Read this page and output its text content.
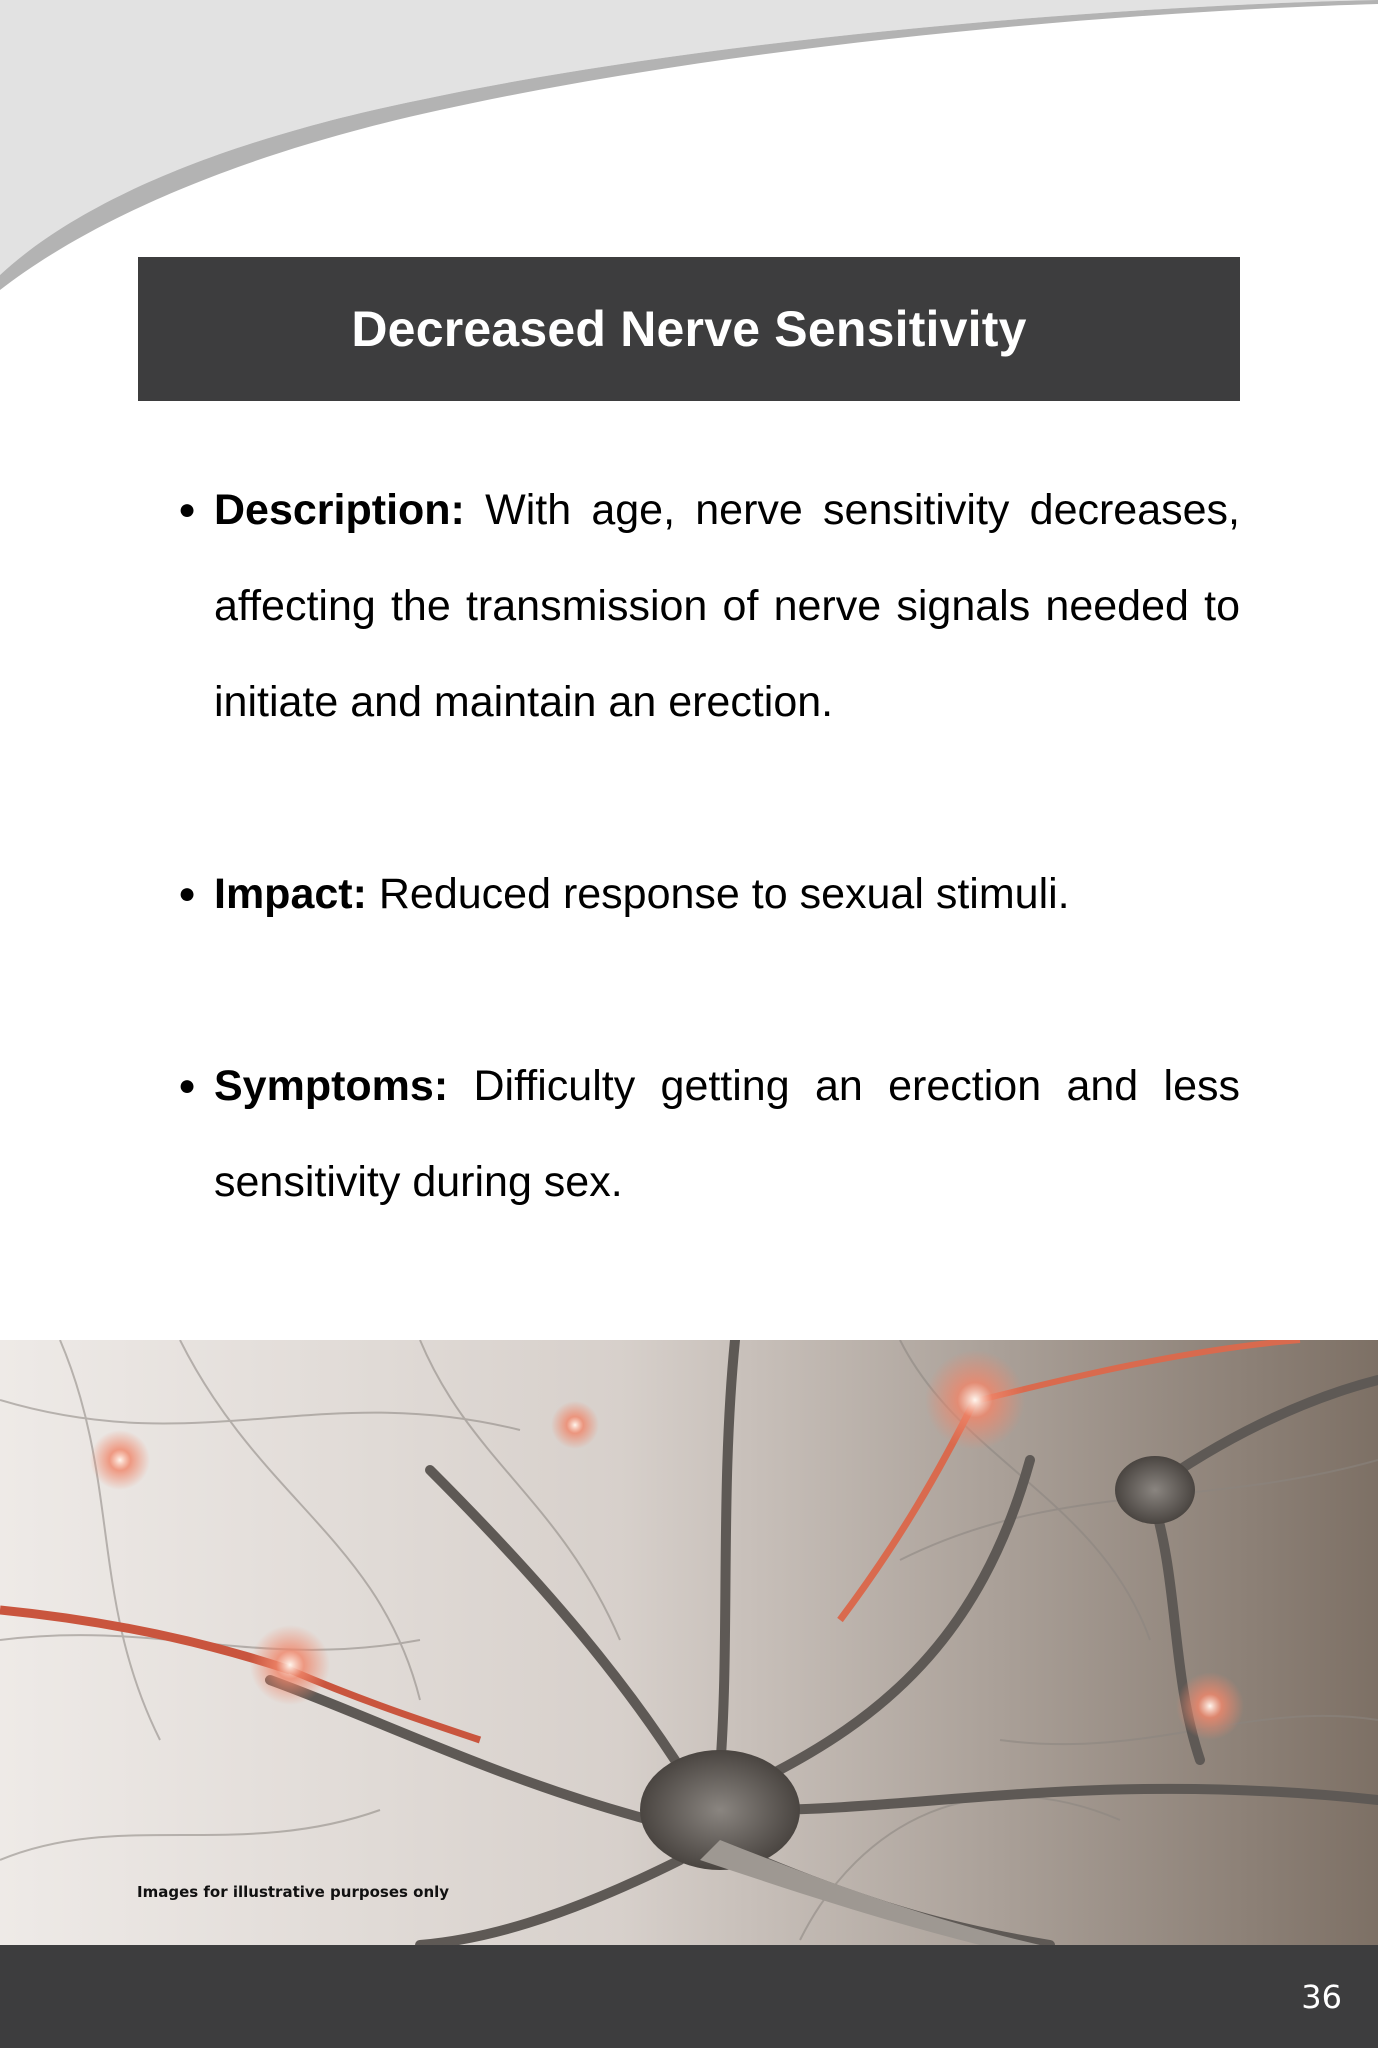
Decreased Nerve Sensitivity
● Description: With age, nerve sensitivity decreases, affecting the transmission of nerve signals needed to initiate and maintain an erection.
● Impact: Reduced response to sexual stimuli.
● Symptoms: Difficulty getting an erection and less sensitivity during sex.
Images for illustrative purposes only
36
